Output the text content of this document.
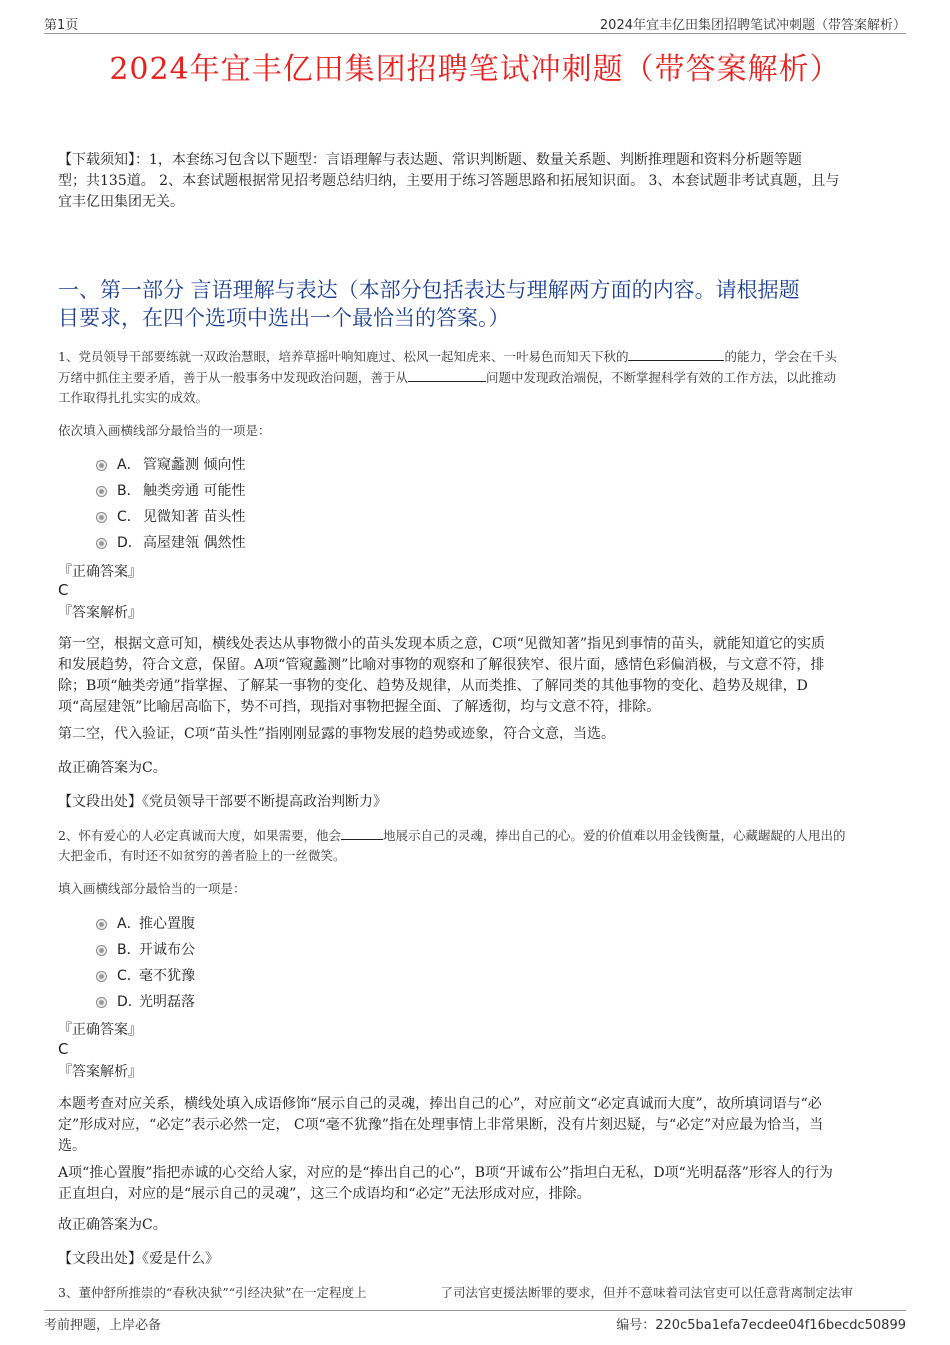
第1页	2024年宜丰亿田集团招聘笔试冲刺题（带答案解析）
2024年宜丰亿田集团招聘笔试冲刺题（带答案解析）
【下载须知】：1，本套练习包含以下题型：言语理解与表达题、常识判断题、数量关系题、判断推理题和资料分析题等题
型；共135道。 2、本套试题根据常见招考题总结归纳，主要用于练习答题思路和拓展知识面。 3、本套试题非考试真题，且与
宜丰亿田集团无关。
一、第一部分 言语理解与表达（本部分包括表达与理解两方面的内容。请根据题
目要求，在四个选项中选出一个最恰当的答案。）
1、党员领导干部要练就一双政治慧眼，培养草摇叶响知鹿过、松风一起知虎来、一叶易色而知天下秋的	的能力，学会在千头
万绪中抓住主要矛盾，善于从一般事务中发现政治问题，善于从	问题中发现政治端倪，不断掌握科学有效的工作方法，以此推动
工作取得扎扎实实的成效。
依次填入画横线部分最恰当的一项是：
A． 管窥蠡测 倾向性
B． 触类旁通 可能性
C． 见微知著 苗头性
D． 高屋建瓴 偶然性
『正确答案』
C
『答案解析』
第一空，根据文意可知，横线处表达从事物微小的苗头发现本质之意，C项“见微知著”指见到事情的苗头，就能知道它的实质
和发展趋势，符合文意，保留。A项“管窥蠡测”比喻对事物的观察和了解很狭窄、很片面，感情色彩偏消极，与文意不符，排
除；B项“触类旁通”指掌握、了解某一事物的变化、趋势及规律，从而类推、了解同类的其他事物的变化、趋势及规律，D
项“高屋建瓴”比喻居高临下，势不可挡，现指对事物把握全面、了解透彻，均与文意不符，排除。
第二空，代入验证，C项“苗头性”指刚刚显露的事物发展的趋势或迹象，符合文意，当选。
故正确答案为C。
【文段出处】《党员领导干部要不断提高政治判断力》
2、怀有爱心的人必定真诚而大度，如果需要，他会	地展示自己的灵魂，捧出自己的心。爱的价值难以用金钱衡量，心藏龌龊的人甩出的
大把金币，有时还不如贫穷的善者脸上的一丝微笑。
填入画横线部分最恰当的一项是：
A．
推心置腹
B．
开诚布公
C．
毫不犹豫
D．
光明磊落
『正确答案』
C
『答案解析』
本题考查对应关系，横线处填入成语修饰“展示自己的灵魂，捧出自己的心”，对应前文“必定真诚而大度”，故所填词语与“必
定”形成对应，“必定”表示必然一定， C项“毫不犹豫”指在处理事情上非常果断，没有片刻迟疑，与“必定”对应最为恰当，当
选。
A项“推心置腹”指把赤诚的心交给人家，对应的是“捧出自己的心”，B项“开诚布公”指坦白无私，D项“光明磊落”形容人的行为
正直坦白，对应的是“展示自己的灵魂”，这三个成语均和“必定”无法形成对应，排除。
故正确答案为C。
【文段出处】《爱是什么》
3、董仲舒所推崇的“春秋决狱”“引经决狱”在一定程度上	了司法官吏援法断罪的要求，但并不意味着司法官吏可以任意背离制定法审
考前押题，上岸必备	编号：220c5ba1efa7ecdee04f16becdc50899
